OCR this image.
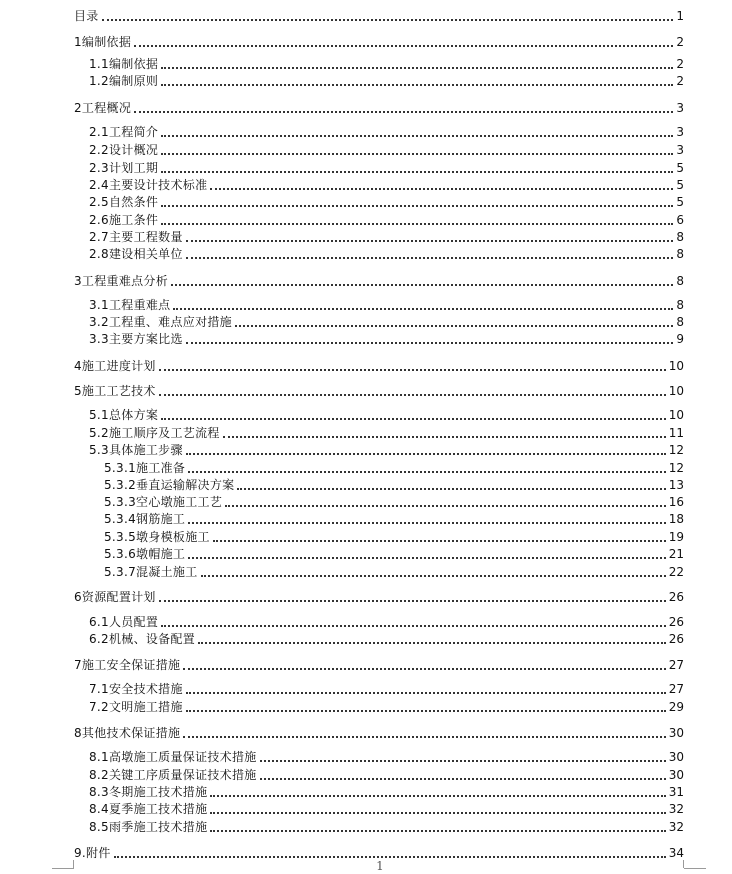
目录	1
1编制依据	2
1.1编制依据	2
1.2编制原则	2
2工程概况	3
2.1工程简介	3
2.2设计概况	3
2.3计划工期	5
2.4主要设计技术标准	5
2.5自然条件	5
2.6施工条件	6
2.7主要工程数量	8
2.8建设相关单位	8
3工程重难点分析	8
3.1工程重难点	8
3.2工程重、难点应对措施	8
3.3主要方案比选	9
4施工进度计划	10
5施工工艺技术	10
5.1总体方案	10
5.2施工顺序及工艺流程	11
5.3具体施工步骤	12
5.3.1施工准备	12
5.3.2垂直运输解决方案	13
5.3.3空心墩施工工艺	16
5.3.4钢筋施工	18
5.3.5墩身模板施工	19
5.3.6墩帽施工	21
5.3.7混凝土施工	22
6资源配置计划	26
6.1人员配置	26
6.2机械、设备配置	26
7施工安全保证措施	27
7.1安全技术措施	27
7.2文明施工措施	29
8其他技术保证措施	30
8.1高墩施工质量保证技术措施	30
8.2关键工序质量保证技术措施	30
8.3冬期施工技术措施	31
8.4夏季施工技术措施	32
8.5雨季施工技术措施	32
9.附件	34
1
